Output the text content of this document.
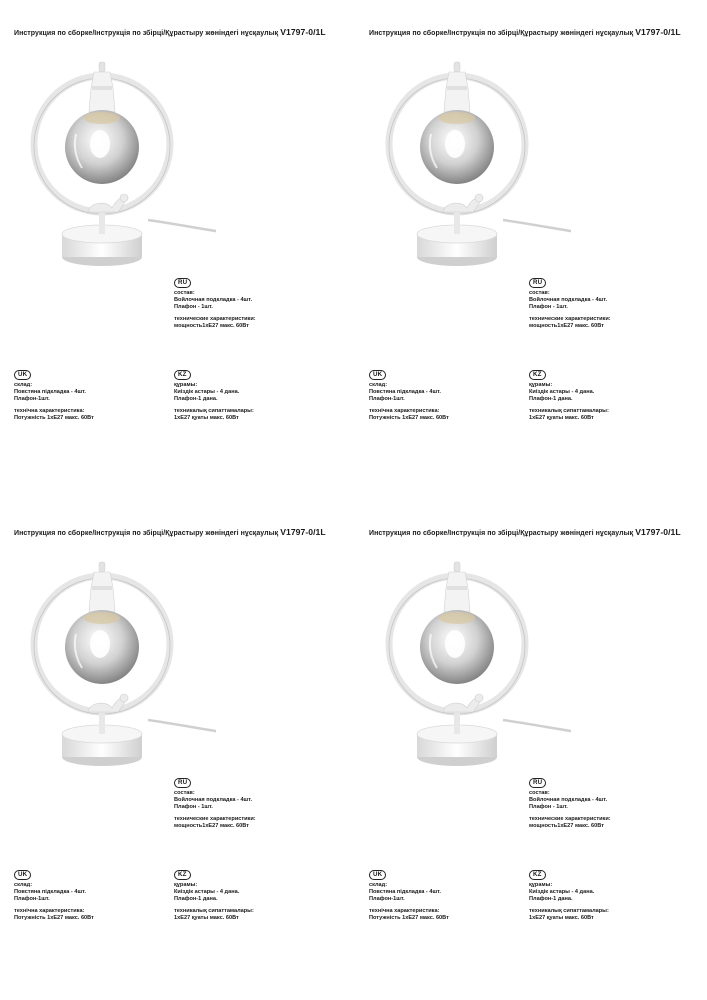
Инструкция по сборке/Інструкція по збірці/Құрастыру жөніндегі нұсқаулық V1797-0/1L
RU
состав:
Войлочная подкладка - 4шт.
Плафон - 1шт.
технические характеристики:
мощность1хЕ27 макс. 60Вт
UK
склад:
Повстяна підкладка - 4шт.
Плафон-1шт.
технічна характеристика:
Потужність 1хЕ27 макс. 60Вт
KZ
құрамы:
Киіздік астары - 4 дана.
Плафон-1 дана.
техникалық сипаттамалары:
1хЕ27 қуаты макс. 60Вт
Инструкция по сборке/Інструкція по збірці/Құрастыру жөніндегі нұсқаулық V1797-0/1L
RU
состав:
Войлочная подкладка - 4шт.
Плафон - 1шт.
технические характеристики:
мощность1хЕ27 макс. 60Вт
UK
склад:
Повстяна підкладка - 4шт.
Плафон-1шт.
технічна характеристика:
Потужність 1хЕ27 макс. 60Вт
KZ
құрамы:
Киіздік астары - 4 дана.
Плафон-1 дана.
техникалық сипаттамалары:
1хЕ27 қуаты макс. 60Вт
Инструкция по сборке/Інструкція по збірці/Құрастыру жөніндегі нұсқаулық V1797-0/1L
RU
состав:
Войлочная подкладка - 4шт.
Плафон - 1шт.
технические характеристики:
мощность1хЕ27 макс. 60Вт
UK
склад:
Повстяна підкладка - 4шт.
Плафон-1шт.
технічна характеристика:
Потужність 1хЕ27 макс. 60Вт
KZ
құрамы:
Киіздік астары - 4 дана.
Плафон-1 дана.
техникалық сипаттамалары:
1хЕ27 қуаты макс. 60Вт
Инструкция по сборке/Інструкція по збірці/Құрастыру жөніндегі нұсқаулық V1797-0/1L
RU
состав:
Войлочная подкладка - 4шт.
Плафон - 1шт.
технические характеристики:
мощность1хЕ27 макс. 60Вт
UK
склад:
Повстяна підкладка - 4шт.
Плафон-1шт.
технічна характеристика:
Потужність 1хЕ27 макс. 60Вт
KZ
құрамы:
Киіздік астары - 4 дана.
Плафон-1 дана.
техникалық сипаттамалары:
1хЕ27 қуаты макс. 60Вт
